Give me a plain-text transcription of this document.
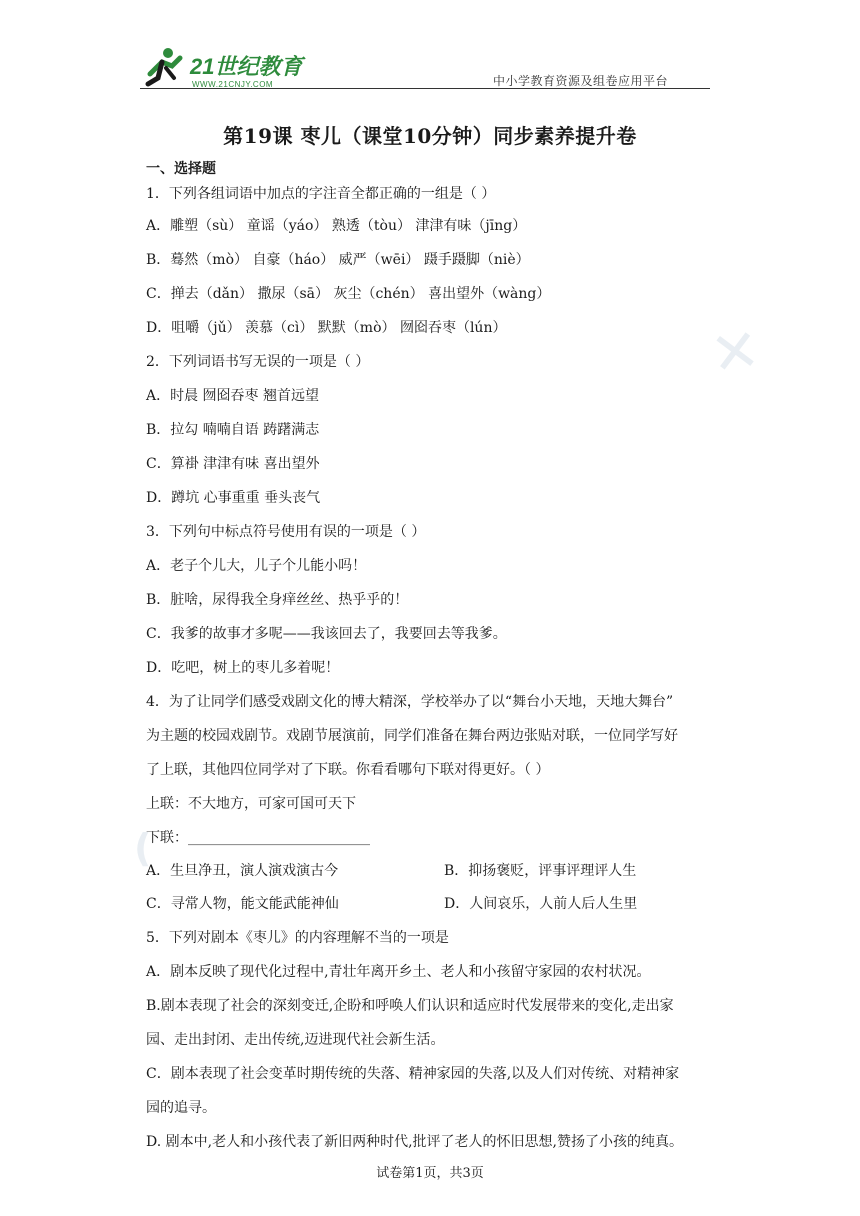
21世纪教育
WWW.21CNJY.COM	中小学教育资源及组卷应用平台
✕
(
第19课 枣儿（课堂10分钟）同步素养提升卷
一、选择题
1．下列各组词语中加点的字注音全都正确的一组是（ ）
A．雕塑（sù） 童谣（yáo） 熟透（tòu） 津津有味（jīng）
B．蓦然（mò） 自豪（háo） 威严（wēi） 蹑手蹑脚（niè）
C．掸去（dǎn） 撒尿（sā） 灰尘（chén） 喜出望外（wàng）
D．咀嚼（jǔ） 羡慕（cì） 默默（mò） 囫囵吞枣（lún）
2．下列词语书写无误的一项是（ ）
A．时晨 囫囵吞枣 翘首远望
B．拉勾 喃喃自语 踌躇满志
C．算褂 津津有味 喜出望外
D．蹲坑 心事重重 垂头丧气
3．下列句中标点符号使用有误的一项是（ ）
A．老子个儿大，儿子个儿能小吗！
B．脏啥，尿得我全身痒丝丝、热乎乎的！
C．我爹的故事才多呢——我该回去了，我要回去等我爹。
D．吃吧，树上的枣儿多着呢！
4．为了让同学们感受戏剧文化的博大精深，学校举办了以“舞台小天地，天地大舞台”
为主题的校园戏剧节。戏剧节展演前，同学们准备在舞台两边张贴对联，一位同学写好
了上联，其他四位同学对了下联。你看看哪句下联对得更好。（ ）
上联：不大地方，可家可国可天下
下联：__________________________
A．生旦净丑，演人演戏演古今	B．抑扬褒贬，评事评理评人生
C．寻常人物，能文能武能神仙	D．人间哀乐，人前人后人生里
5．下列对剧本《枣儿》的内容理解不当的一项是
A．剧本反映了现代化过程中,青壮年离开乡土、老人和小孩留守家园的农村状况。
B.剧本表现了社会的深刻变迁,企盼和呼唤人们认识和适应时代发展带来的变化,走出家
园、走出封闭、走出传统,迈进现代社会新生活。
C．剧本表现了社会变革时期传统的失落、精神家园的失落,以及人们对传统、对精神家
园的追寻。
D. 剧本中,老人和小孩代表了新旧两种时代,批评了老人的怀旧思想,赞扬了小孩的纯真。
试卷第1页，共3页
